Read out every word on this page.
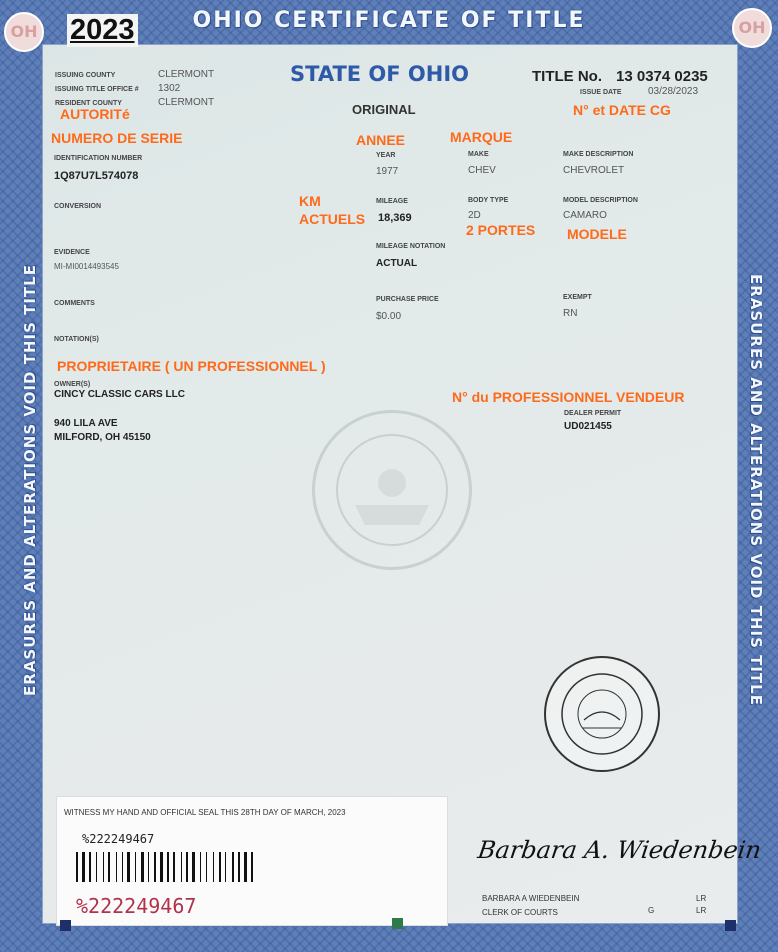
OHIO CERTIFICATE OF TITLE
OH	OH
ERASURES AND ALTERATIONS VOID THIS TITLE	ERASURES AND ALTERATIONS VOID THIS TITLE
2023
ISSUING COUNTY	CLERMONT
ISSUING TITLE OFFICE # 1302
RESIDENT COUNTY	CLERMONT
STATE OF OHIO
ORIGINAL
TITLE No. 13 0374 0235
ISSUE DATE	03/28/2023
IDENTIFICATION NUMBER
1Q87U7L574078
YEAR
1977
MAKE
CHEV
MAKE DESCRIPTION
CHEVROLET
CONVERSION
MILEAGE
18,369
BODY TYPE
2D
MODEL DESCRIPTION
CAMARO
EVIDENCE
MI-MI0014493545
MILEAGE NOTATION
ACTUAL
COMMENTS
PURCHASE PRICE
$0.00
EXEMPT
RN
NOTATION(S)
OWNER(S)
CINCY CLASSIC CARS LLC
940 LILA AVE
MILFORD, OH 45150
DEALER PERMIT
UD021455
AUTORITé
NUMERO DE SERIE	ANNEE	MARQUE
N° et DATE CG
KM
ACTUELS
2 PORTES MODELE
PROPRIETAIRE ( UN PROFESSIONNEL )
N° du PROFESSIONNEL VENDEUR
WITNESS MY HAND AND OFFICIAL SEAL THIS 28TH DAY OF MARCH, 2023
%222249467
%222249467
Barbara A. Wiedenbein
BARBARA A WIEDENBEIN
CLERK OF COURTS	G
LR
LR
